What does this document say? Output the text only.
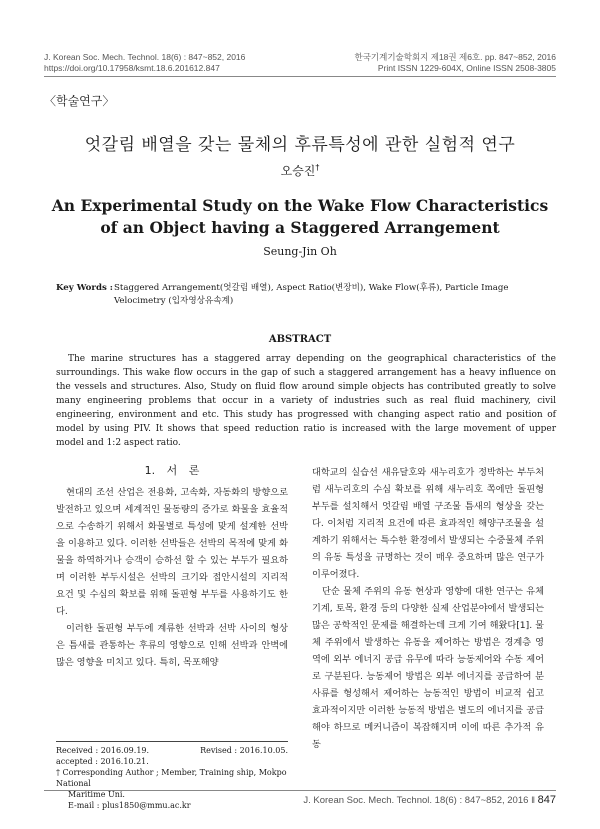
J. Korean Soc. Mech. Technol. 18(6) : 847~852, 2016
https://doi.org/10.17958/ksmt.18.6.201612.847
한국기계기술학회지 제18권 제6호. pp. 847~852, 2016
Print ISSN 1229-604X, Online ISSN 2508-3805
〈학술연구〉
엇갈림 배열을 갖는 물체의 후류특성에 관한 실험적 연구
오승진†
An Experimental Study on the Wake Flow Characteristics
of an Object having a Staggered Arrangement
Seung-Jin Oh
Key Words : Staggered Arrangement(엇갈림 배열), Aspect Ratio(변장비), Wake Flow(후류), Particle Image Velocimetry (입자영상유속계)
ABSTRACT
The marine structures has a staggered array depending on the geographical characteristics of the surroundings. This wake flow occurs in the gap of such a staggered arrangement has a heavy influence on the vessels and structures. Also, Study on fluid flow around simple objects has contributed greatly to solve many engineering problems that occur in a variety of industries such as real fluid machinery, civil engineering, environment and etc. This study has progressed with changing aspect ratio and position of model by using PIV. It shows that speed reduction ratio is increased with the large movement of upper model and 1:2 aspect ratio.
1. 서 론

현대의 조선 산업은 전용화, 고속화, 자동화의 방향으로 발전하고 있으며 세계적인 물동량의 증가로 화물을 효율적으로 수송하기 위해서 화물별로 특성에 맞게 설계한 선박을 이용하고 있다. 이러한 선박들은 선박의 목적에 맞게 화물을 하역하거나 승객이 승하선 할 수 있는 부두가 필요하며 이러한 부두시설은 선박의 크기와 접안시설의 지리적 요건 및 수심의 확보를 위해 돌핀형 부두를 사용하기도 한다.

이러한 돌핀형 부두에 계류한 선박과 선박 사이의 형상은 틈새를 관통하는 후류의 영향으로 인해 선박과 안벽에 많은 영향을 미치고 있다. 특히, 목포해양

대학교의 실습선 새유달호와 새누리호가 정박하는 부두처럼 새누리호의 수심 확보를 위해 새누리호 쪽에만 돌핀형 부두를 설치해서 엇갈림 배열 구조물 틈새의 형상을 갖는다. 이처럼 지리적 요건에 따른 효과적인 해양구조물을 설계하기 위해서는 특수한 환경에서 발생되는 수중물체 주위의 유동 특성을 규명하는 것이 매우 중요하며 많은 연구가 이루어졌다.

단순 물체 주위의 유동 현상과 영향에 대한 연구는 유체기계, 토목, 환경 등의 다양한 실제 산업분야에서 발생되는 많은 공학적인 문제를 해결하는데 크게 기여 해왔다[1]. 물체 주위에서 발생하는 유동을 제어하는 방법은 경계층 영역에 외부 에너지 공급 유무에 따라 능동제어와 수동 제어로 구분된다. 능동제어 방법은 외부 에너지를 공급하여 분사류를 형성해서 제어하는 능동적인 방법이 비교적 쉽고 효과적이지만 이러한 능동적 방법은 별도의 에너지를 공급해야 하므로 메커니즘이 복잡해지며 이에 따른 추가적 유동

Received : 2016.09.19.	Revised : 2016.10.05.
accepted : 2016.10.21.
† Corresponding Author ; Member, Training ship, Mokpo National
Maritime Uni.
E-mail : plus1850@mmu.ac.kr	J. Korean Soc. Mech. Technol. 18(6) : 847~852, 2016 ‖ 847
